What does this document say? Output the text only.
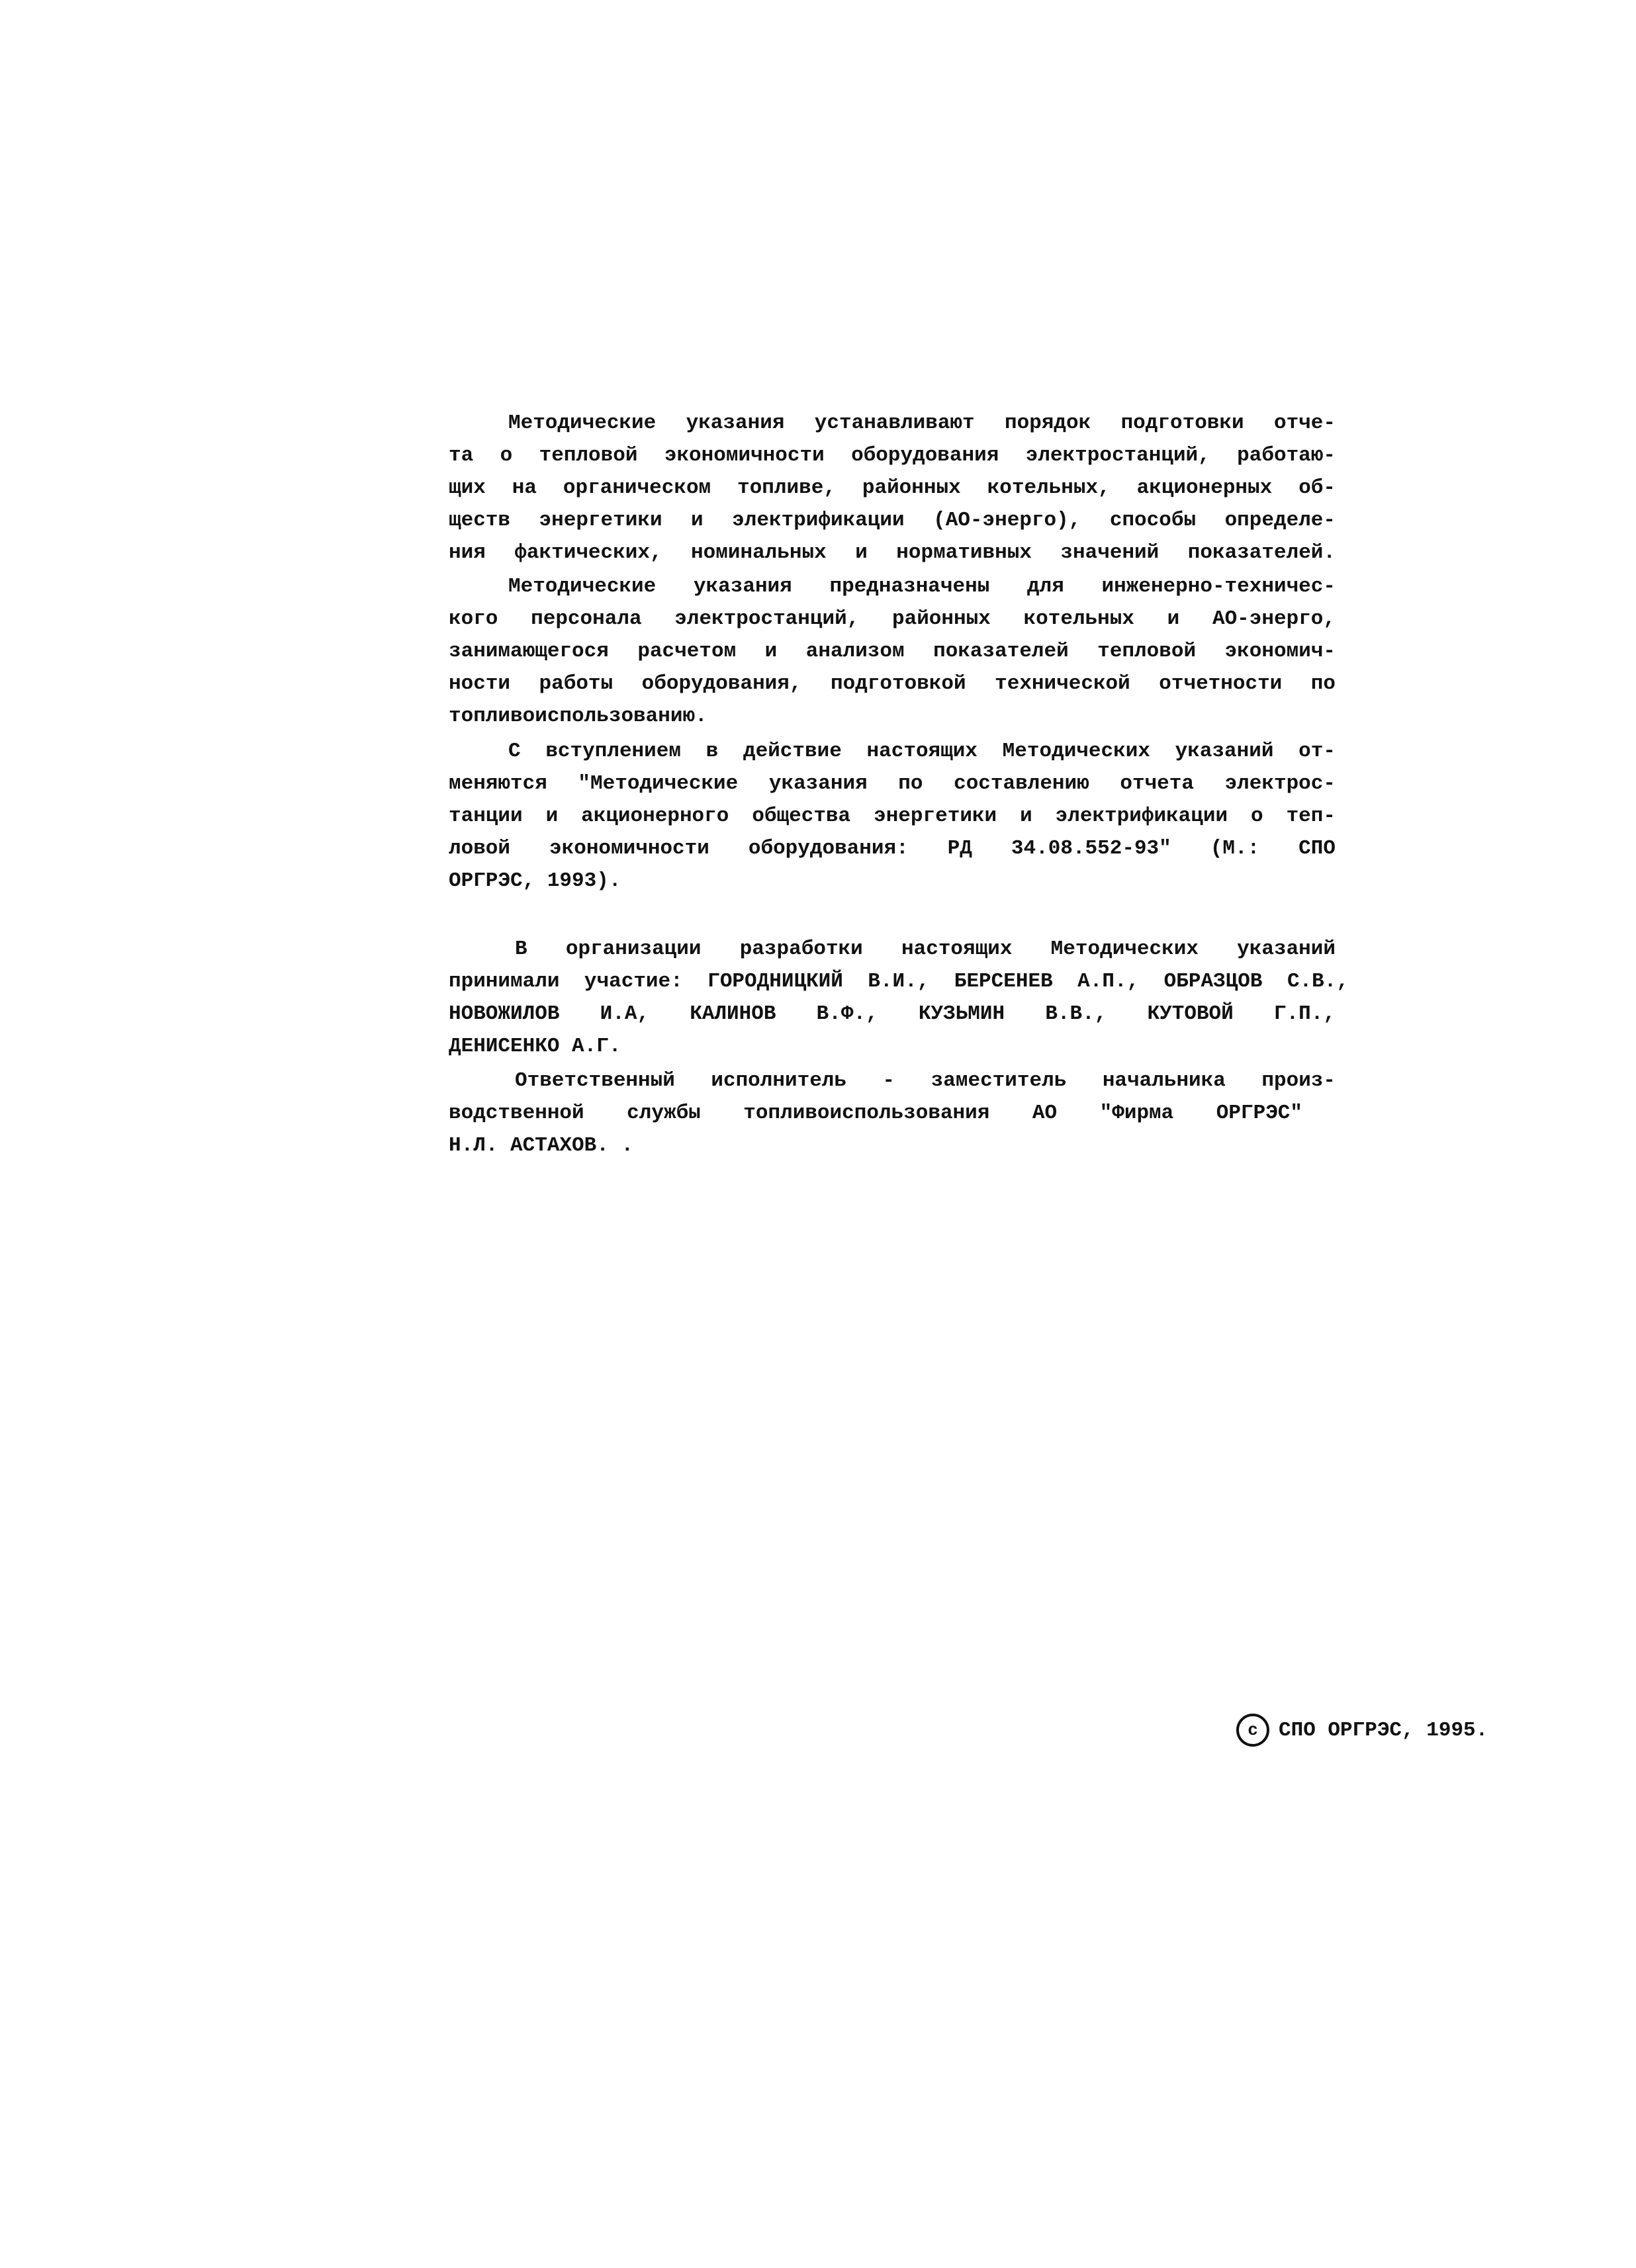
Методические указания устанавливают порядок подготовки отче-
та о тепловой экономичности оборудования электростанций, работаю-
щих на органическом топливе, районных котельных, акционерных об-
ществ энергетики и электрификации (АО-энерго), способы определе-
ния фактических, номинальных и нормативных значений показателей.
Методические указания предназначены для инженерно-техничес-
кого персонала электростанций, районных котельных и АО-энерго,
занимающегося расчетом и анализом показателей тепловой экономич-
ности работы оборудования, подготовкой технической отчетности по
топливоиспользованию.
С вступлением в действие настоящих Методических указаний от-
меняются "Методические указания по составлению отчета электрос-
танции и акционерного общества энергетики и электрификации о теп-
ловой экономичности оборудования: РД 34.08.552-93" (М.: СПО
ОРГРЭС, 1993).
В организации разработки настоящих Методических указаний
принимали участие: ГОРОДНИЦКИЙ В.И., БЕРСЕНЕВ А.П., ОБРАЗЦОВ С.В.,
НОВОЖИЛОВ И.А, КАЛИНОВ В.Ф., КУЗЬМИН В.В., КУТОВОЙ Г.П.,
ДЕНИСЕНКО А.Г.
Ответственный исполнитель - заместитель начальника произ-
водственной службы топливоиспользования АО "Фирма ОРГРЭС"
Н.Л. АСТАХОВ. .
c	СПО ОРГРЭС, 1995.
